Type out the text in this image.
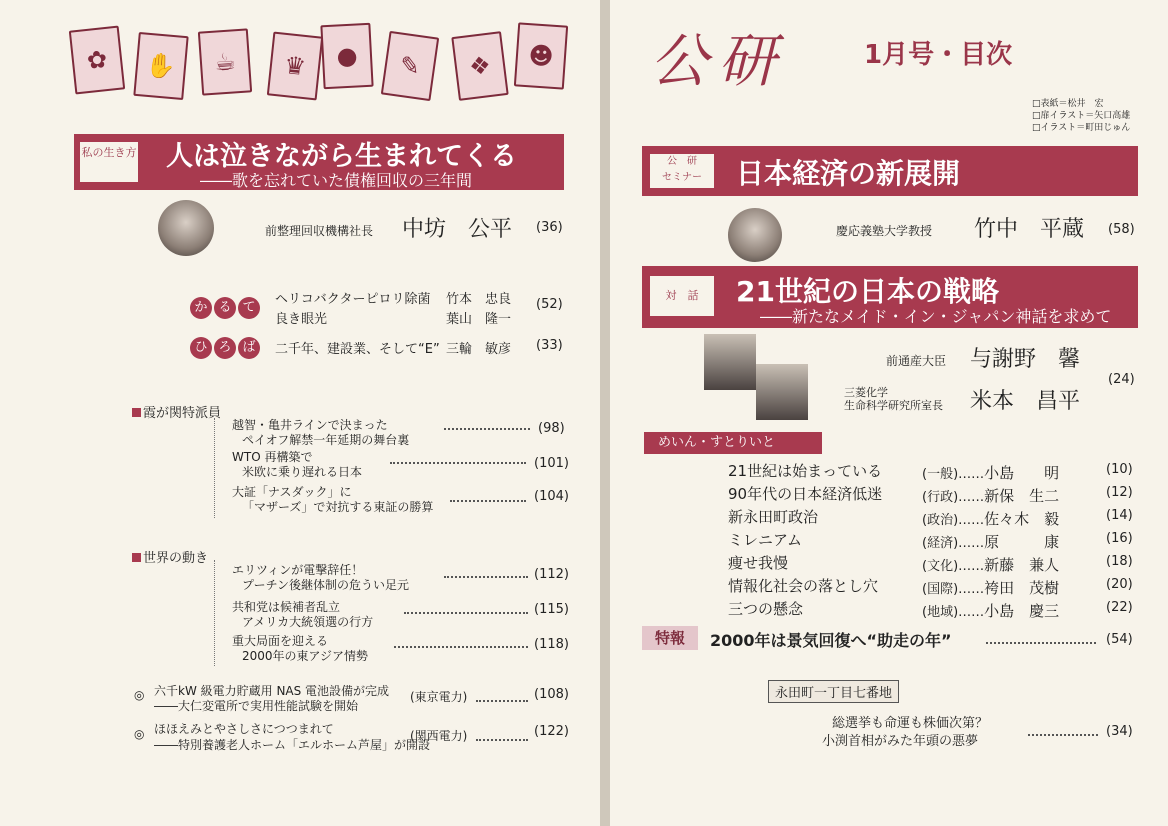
✿	✋	☕	♛	●	✎	❖	☻
私の生き方 人は泣きながら生まれてくる
――歌を忘れていた債権回収の三年間
前整理回収機構社長 中坊　公平 (36)
か る て
ヘリコバクターピロリ除菌 竹本　忠良
良き眼光	葉山　隆一
(52)
ひ ろ ば	二千年、建設業、そして“E” 三輪　敏彦 (33)
霞が関特派員
越智・亀井ラインで決まった
ペイオフ解禁一年延期の舞台裏
(98)
WTO 再構築で
米欧に乗り遅れる日本
(101)
大証「ナスダック」に
「マザーズ」で対抗する東証の勝算
(104)
世界の動き
エリツィンが電撃辞任！
プーチン後継体制の危うい足元
(112)
共和党は候補者乱立
アメリカ大統領選の行方
(115)
重大局面を迎える
2000年の東アジア情勢
(118)
◎ 六千kW 級電力貯蔵用 NAS 電池設備が完成
――大仁変電所で実用性能試験を開始
(東京電力)	(108)
◎ ほほえみとやさしさにつつまれて
――特別養護老人ホーム「エルホーム芦屋」が開設
(関西電力)	(122)
公研	1月号・目次
□表紙＝松井　宏
□扉イラスト＝矢口高雄
□イラスト＝町田じゅん
公　研
セミナー	日本経済の新展開
慶応義塾大学教授 竹中　平蔵 (58)
対　話	21世紀の日本の戦略
――新たなメイド・イン・ジャパン神話を求めて
前通産大臣 与謝野　馨
三菱化学
生命科学研究所室長 米本　昌平
(24)
めいん・すとりいと
21世紀は始まっている	(一般)……小島　　明	(10)
90年代の日本経済低迷	(行政)……新保　生二	(12)
新永田町政治	(政治)……佐々木　毅	(14)
ミレニアム	(経済)……原　　　康	(16)
痩せ我慢	(文化)……新藤　兼人	(18)
情報化社会の落とし穴	(国際)……袴田　茂樹	(20)
三つの懸念	(地域)……小島　慶三	(22)
特報	2000年は景気回復へ“助走の年”	(54)
永田町一丁目七番地
総選挙も命運も株価次第？
小渕首相がみた年頭の悪夢
(34)
